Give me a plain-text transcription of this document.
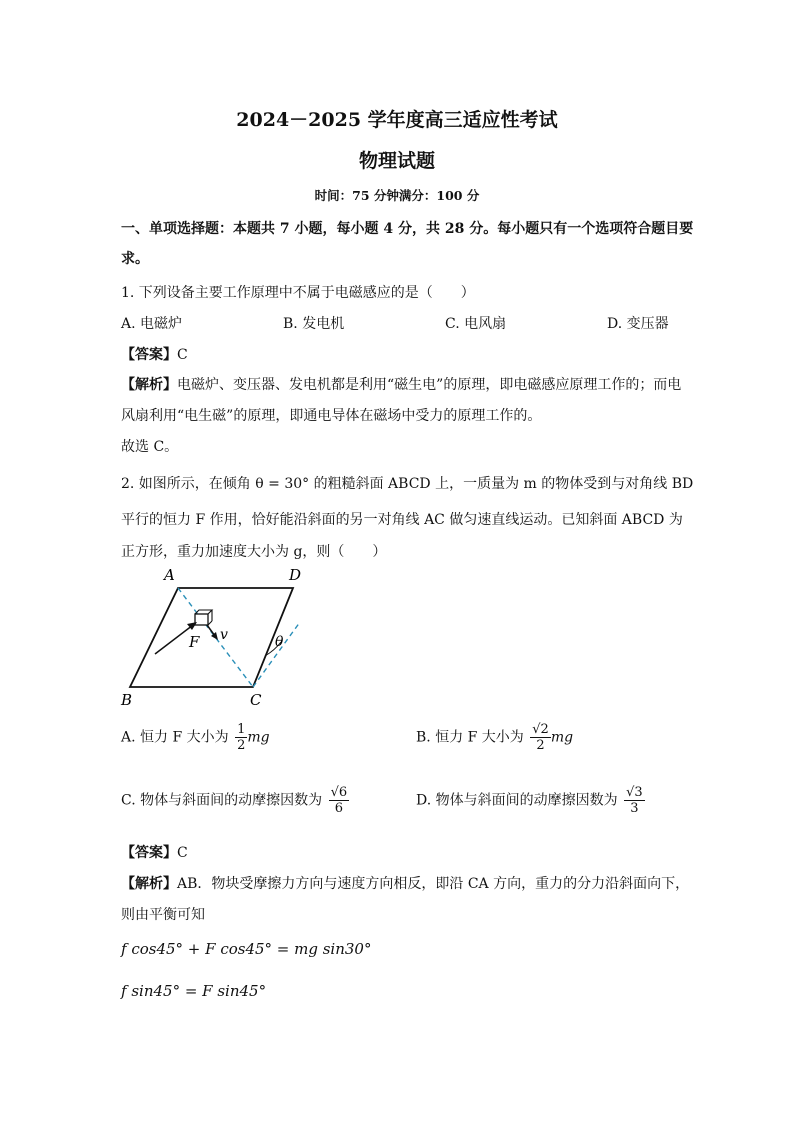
2024－2025 学年度高三适应性考试
物理试题
时间：75 分钟满分：100 分
一、单项选择题：本题共 7 小题，每小题 4 分，共 28 分。每小题只有一个选项符合题目要
求。
1. 下列设备主要工作原理中不属于电磁感应的是（　　）
A. 电磁炉	B. 发电机	C. 电风扇	D. 变压器
【答案】C
【解析】电磁炉、变压器、发电机都是利用“磁生电”的原理，即电磁感应原理工作的；而电
风扇利用“电生磁”的原理，即通电导体在磁场中受力的原理工作的。
故选 C。
2. 如图所示，在倾角 θ = 30° 的粗糙斜面 ABCD 上，一质量为 m 的物体受到与对角线 BD
平行的恒力 F 作用，恰好能沿斜面的另一对角线 AC 做匀速直线运动。已知斜面 ABCD 为
正方形，重力加速度大小为 g，则（　　）
A	D
B	C
F v	θ
A. 恒力 F 大小为 $\frac{1}{2}$ mg	B. 恒力 F 大小为 $\frac{√2}{2}$ mg
C. 物体与斜面间的动摩擦因数为 $\frac{√6}{6}$	D. 物体与斜面间的动摩擦因数为 $\frac{√3}{3}$
【答案】C
【解析】AB．物块受摩擦力方向与速度方向相反，即沿 CA 方向，重力的分力沿斜面向下，
则由平衡可知
f cos45° + F cos45° = mg sin30°
f sin45° = F sin45°
